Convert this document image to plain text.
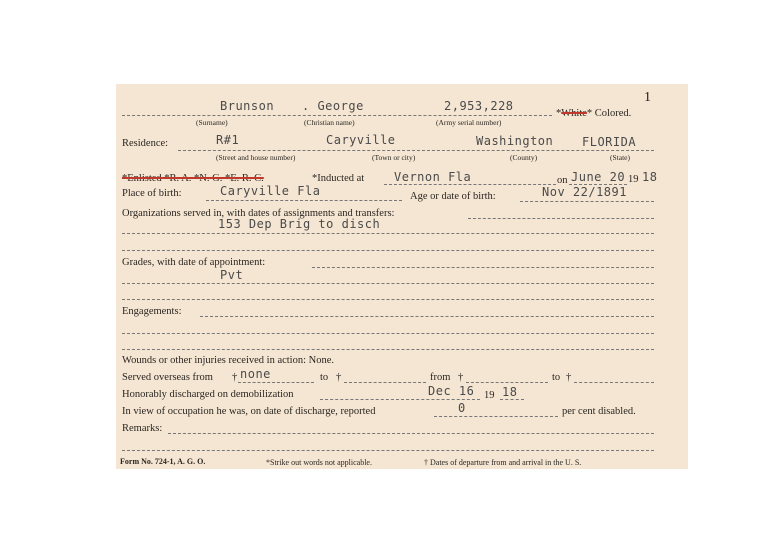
1
Brunson . George	2,953,228
*White* Colored.
(Surname)	(Christian name)	(Army serial number)
Residence:	R#1	Caryville	Washington FLORIDA
(Street and house number)	(Town or city)	(County)	(State)
*Enlisted *R. A. *N. G. *E. R. C.	*Inducted at Vernon Fla	on June 20 19 18
Place of birth:	Caryville Fla	Age or date of birth:	Nov 22/1891
Organizations served in, with dates of assignments and transfers:
153 Dep Brig to disch
Grades, with date of appointment:
Pvt
Engagements:
Wounds or other injuries received in action: None.
Served overseas from † none	to †	from †	to †
Honorably discharged on demobilization	Dec 16 19 18
In view of occupation he was, on date of discharge, reported	0	per cent disabled.
Remarks:
Form No. 724-1, A. G. O.	*Strike out words not applicable.	† Dates of departure from and arrival in the U. S.
